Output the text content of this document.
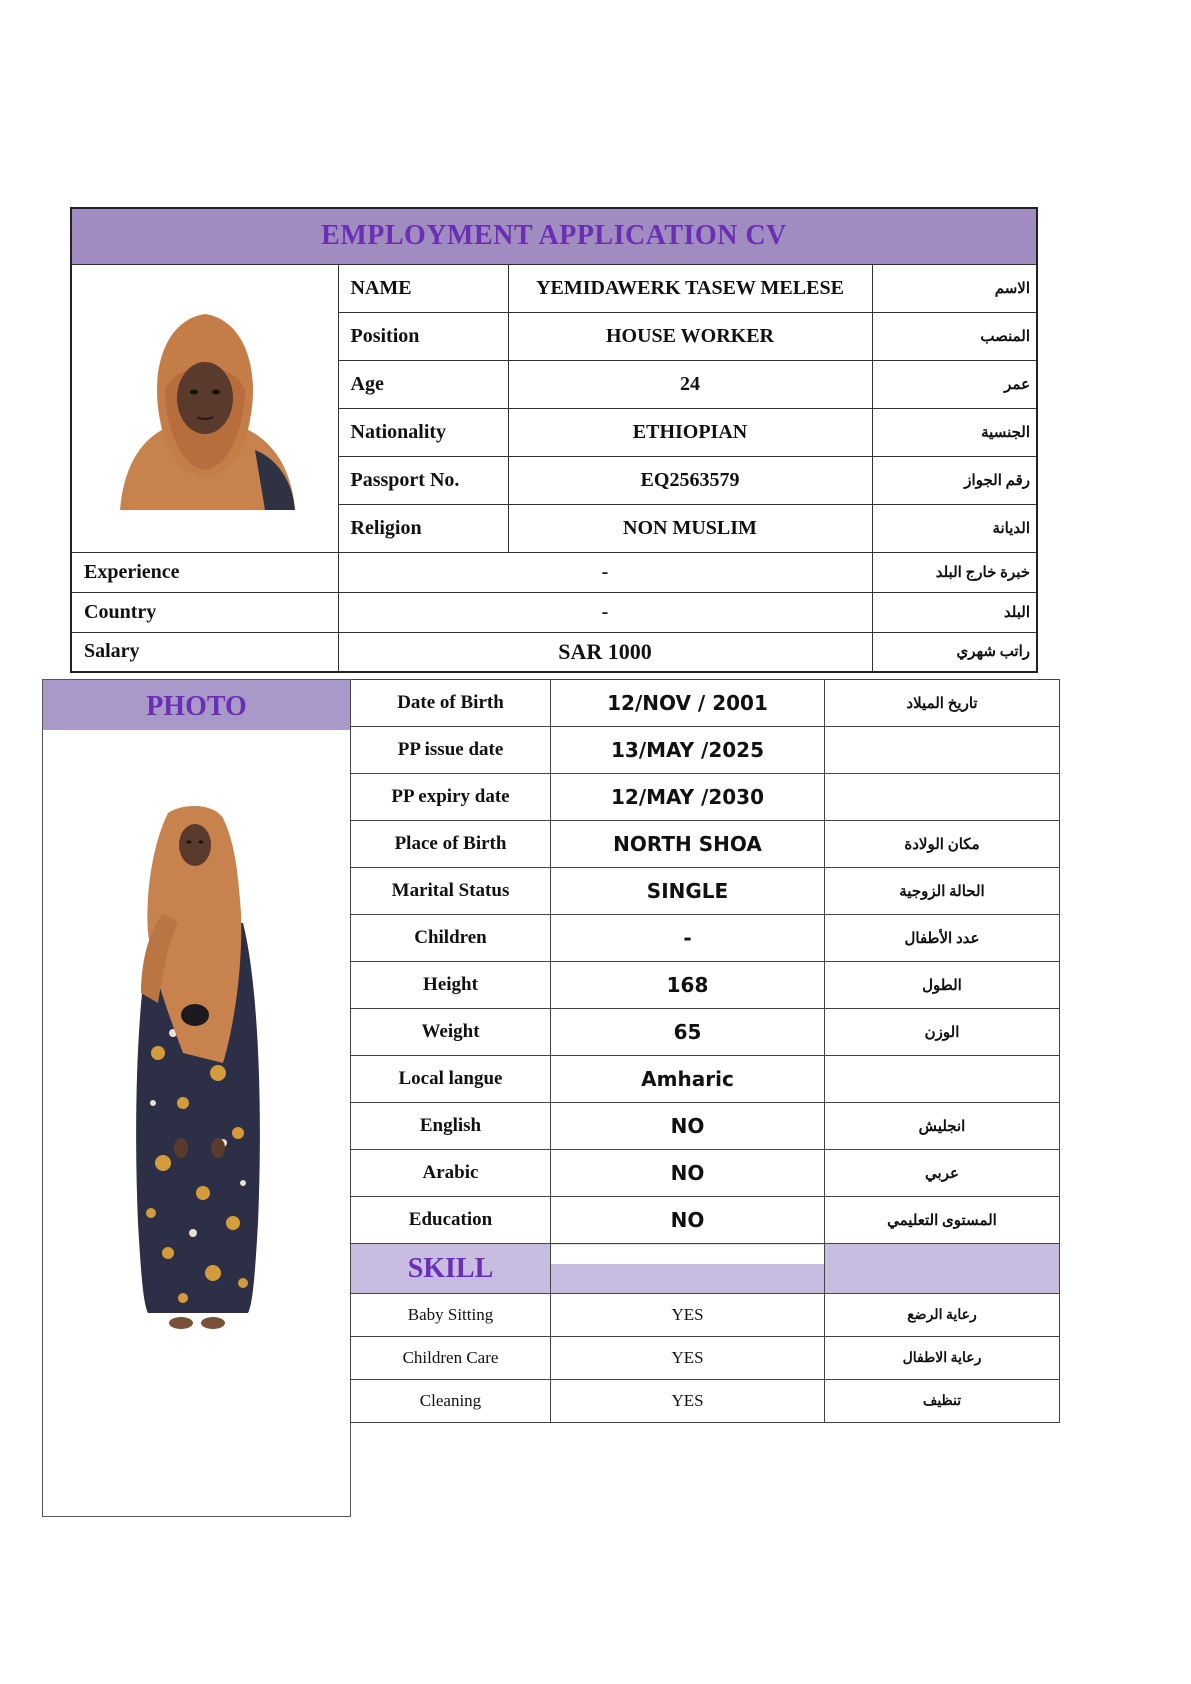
EMPLOYMENT APPLICATION CV			
	NAME	YEMIDAWERK TASEW MELESE	الاسم
	Position	HOUSE WORKER	المنصب
	Age	24	عمر
	Nationality	ETHIOPIAN	الجنسية
	Passport No.	EQ2563579	رقم الجواز
	Religion	NON MUSLIM	الديانة
Experience	-		خبرة خارج البلد
Country	-		البلد
Salary	SAR 1000		راتب شهري
PHOTO	Date of Birth	12/NOV / 2001	تاريخ الميلاد
PP issue date	13/MAY /2025	
PP expiry date	12/MAY /2030	
Place of Birth	NORTH SHOA	مكان الولادة
Marital Status	SINGLE	الحالة الزوجية
Children	-	عدد الأطفال
Height	168	الطول
Weight	65	الوزن
Local langue	Amharic	
English	NO	انجليش
Arabic	NO	عربي
Education	NO	المستوى التعليمي
SKILL		
Baby Sitting	YES	رعاية الرضع
Children Care	YES	رعاية الاطفال
Cleaning	YES	تنظيف
